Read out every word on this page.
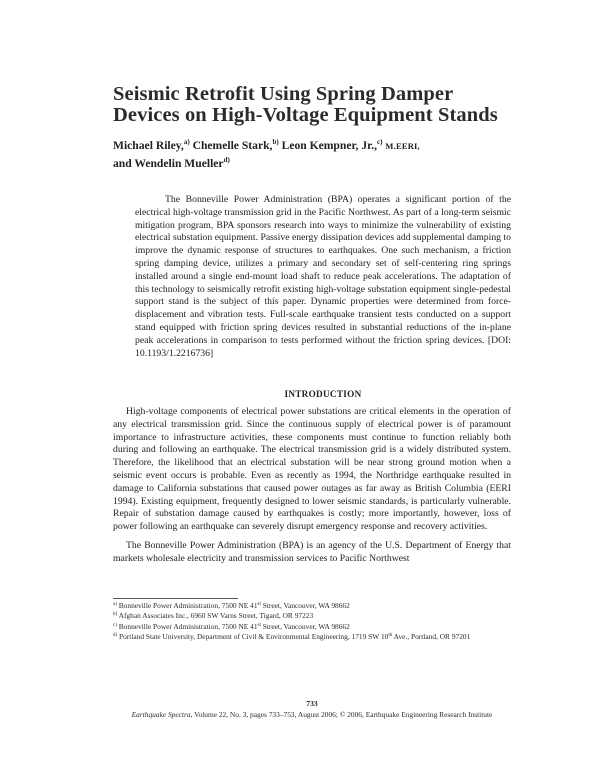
Seismic Retrofit Using Spring Damper
Devices on High-Voltage Equipment Stands
Michael Riley,$^{a)}$ Chemelle Stark,$^{b)}$ Leon Kempner, Jr.,$^{c)}$ M.EERI,
and Wendelin Mueller$^{d)}$

The Bonneville Power Administration (BPA) operates a significant portion of the electrical high-voltage transmission grid in the Pacific Northwest. As part of a long-term seismic mitigation program, BPA sponsors research into ways to minimize the vulnerability of existing electrical substation equipment. Passive energy dissipation devices add supplemental damping to improve the dynamic response of structures to earthquakes. One such mechanism, a friction spring damping device, utilizes a primary and secondary set of self-centering ring springs installed around a single end-mount load shaft to reduce peak accelerations. The adaptation of this technology to seismically retrofit existing high-voltage substation equipment single-pedestal support stand is the subject of this paper. Dynamic properties were determined from force-displacement and vibration tests. Full-scale earthquake transient tests conducted on a support stand equipped with friction spring devices resulted in substantial reductions of the in-plane peak accelerations in comparison to tests performed without the friction spring devices. [DOI: 10.1193/1.2216736]

INTRODUCTION

High-voltage components of electrical power substations are critical elements in the operation of any electrical transmission grid. Since the continuous supply of electrical power is of paramount importance to infrastructure activities, these components must continue to function reliably both during and following an earthquake. The electrical transmission grid is a widely distributed system. Therefore, the likelihood that an electrical substation will be near strong ground motion when a seismic event occurs is probable. Even as recently as 1994, the Northridge earthquake resulted in damage to California substations that caused power outages as far away as British Columbia (EERI 1994). Existing equipment, frequently designed to lower seismic standards, is particularly vulnerable. Repair of substation damage caused by earthquakes is costly; more importantly, however, loss of power following an earthquake can severely disrupt emergency response and recovery activities.

The Bonneville Power Administration (BPA) is an agency of the U.S. Department of Energy that markets wholesale electricity and transmission services to Pacific Northwest

$^{a)}$ Bonneville Power Administration, 7500 NE 41st Street, Vancouver, WA 98662

$^{b)}$ Afghan Associates Inc., 6960 SW Varns Street, Tigard, OR 97223

$^{c)}$ Bonneville Power Administration, 7500 NE 41st Street, Vancouver, WA 98662

$^{d)}$ Portland State University, Department of Civil & Environmental Engineering, 1719 SW 10th Ave., Portland, OR 97201

733
Earthquake Spectra, Volume 22, No. 3, pages 733–753, August 2006; © 2006, Earthquake Engineering Research Institute
